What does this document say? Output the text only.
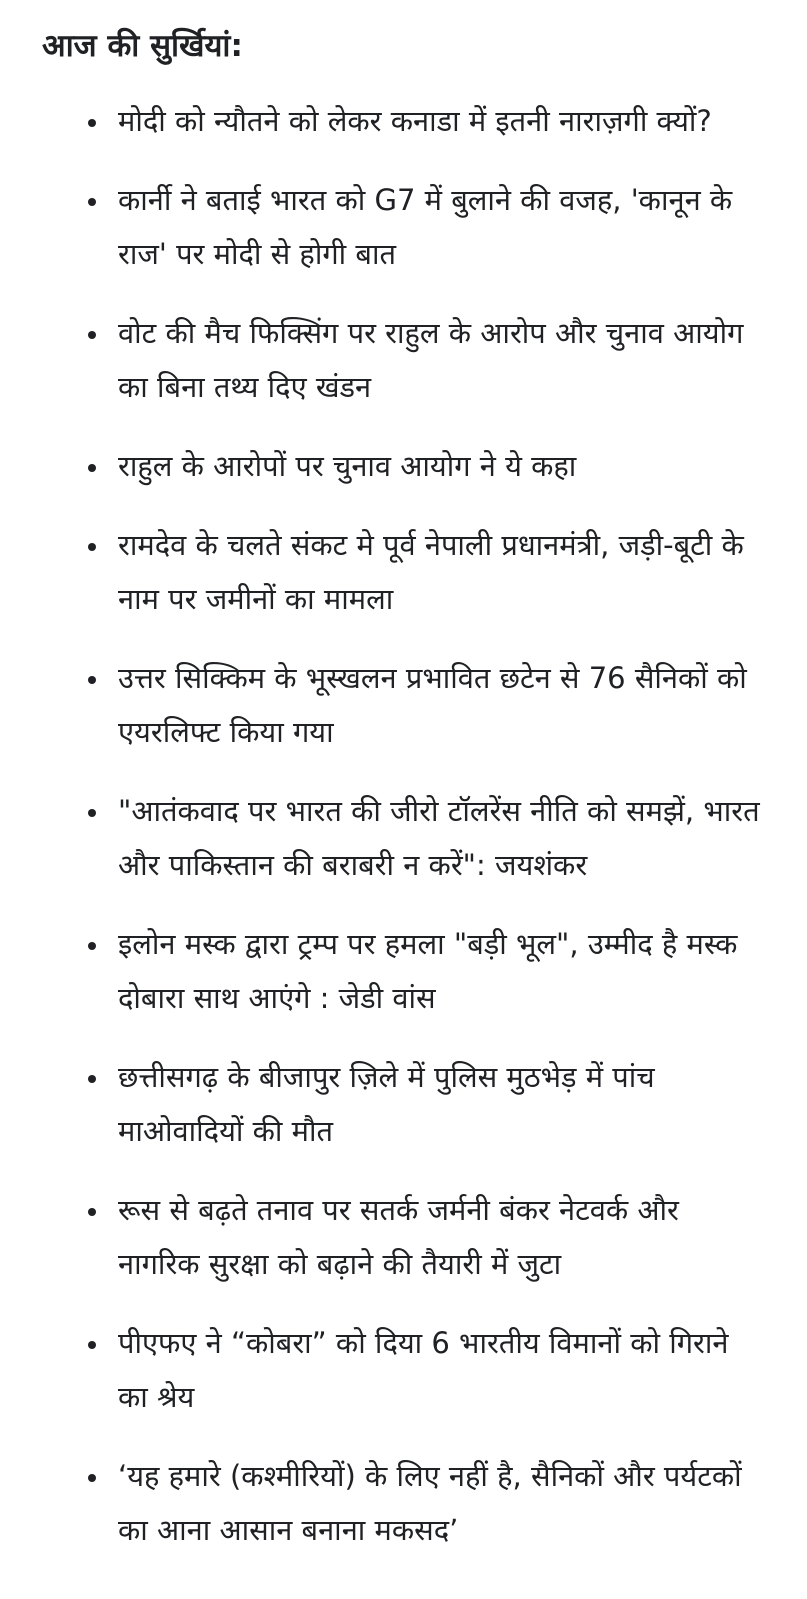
आज की सुर्खियां:
मोदी को न्यौतने को लेकर कनाडा में इतनी नाराज़गी क्यों?
कार्नी ने बताई भारत को G7 में बुलाने की वजह, 'कानून के राज' पर मोदी से होगी बात
वोट की मैच फिक्सिंग पर राहुल के आरोप और चुनाव आयोग का बिना तथ्य दिए खंडन
राहुल के आरोपों पर चुनाव आयोग ने ये कहा
रामदेव के चलते संकट मे पूर्व नेपाली प्रधानमंत्री, जड़ी-बूटी के नाम पर जमीनों का मामला
उत्तर सिक्किम के भूस्खलन प्रभावित छटेन से 76 सैनिकों को एयरलिफ्ट किया गया
"आतंकवाद पर भारत की जीरो टॉलरेंस नीति को समझें, भारत और पाकिस्तान की बराबरी न करें": जयशंकर
इलोन मस्क द्वारा ट्रम्प पर हमला "बड़ी भूल", उम्मीद है मस्क दोबारा साथ आएंगे : जेडी वांस
छत्तीसगढ़ के बीजापुर ज़िले में पुलिस मुठभेड़ में पांच माओवादियों की मौत
रूस से बढ़ते तनाव पर सतर्क जर्मनी बंकर नेटवर्क और नागरिक सुरक्षा को बढ़ाने की तैयारी में जुटा
पीएफए ने “कोबरा” को दिया 6 भारतीय विमानों को गिराने का श्रेय
‘यह हमारे (कश्मीरियों) के लिए नहीं है, सैनिकों और पर्यटकों का आना आसान बनाना मकसद’
